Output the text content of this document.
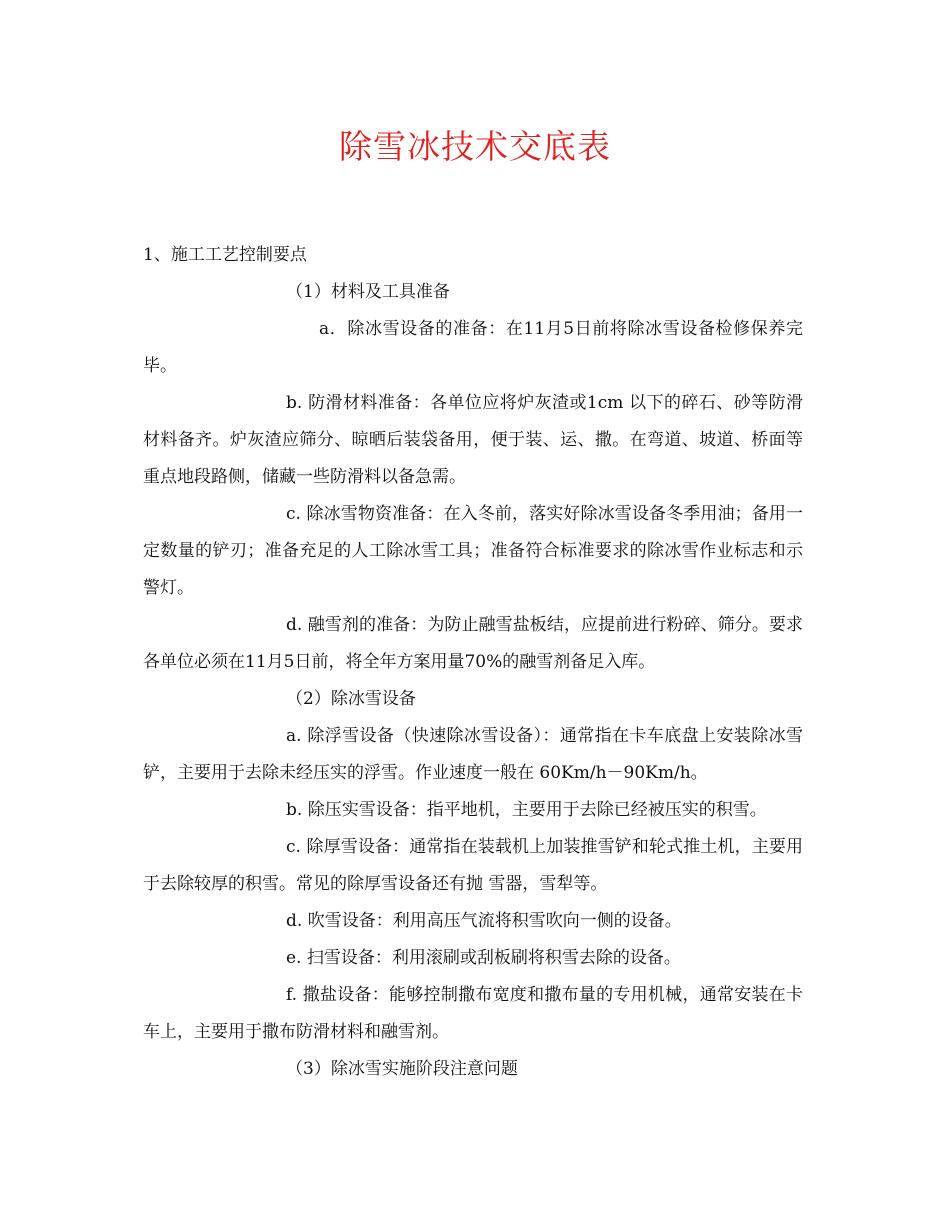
除雪冰技术交底表

1、施工工艺控制要点

（1）材料及工具准备

a．除冰雪设备的准备：在11月5日前将除冰雪设备检修保养完毕。

b. 防滑材料准备：各单位应将炉灰渣或1cm 以下的碎石、砂等防滑材料备齐。炉灰渣应筛分、晾晒后装袋备用，便于装、运、撒。在弯道、坡道、桥面等重点地段路侧，储藏一些防滑料以备急需。

c. 除冰雪物资准备：在入冬前，落实好除冰雪设备冬季用油；备用一定数量的铲刃；准备充足的人工除冰雪工具；准备符合标准要求的除冰雪作业标志和示警灯。

d. 融雪剂的准备：为防止融雪盐板结，应提前进行粉碎、筛分。要求各单位必须在11月5日前，将全年方案用量70%的融雪剂备足入库。

（2）除冰雪设备

a. 除浮雪设备（快速除冰雪设备）：通常指在卡车底盘上安装除冰雪铲，主要用于去除未经压实的浮雪。作业速度一般在 60Km/h－90Km/h。

b. 除压实雪设备：指平地机，主要用于去除已经被压实的积雪。

c. 除厚雪设备：通常指在装载机上加装推雪铲和轮式推土机，主要用于去除较厚的积雪。常见的除厚雪设备还有抛 雪器，雪犁等。

d. 吹雪设备：利用高压气流将积雪吹向一侧的设备。

e. 扫雪设备：利用滚刷或刮板刷将积雪去除的设备。

f. 撒盐设备：能够控制撒布宽度和撒布量的专用机械，通常安装在卡车上，主要用于撒布防滑材料和融雪剂。

（3）除冰雪实施阶段注意问题
